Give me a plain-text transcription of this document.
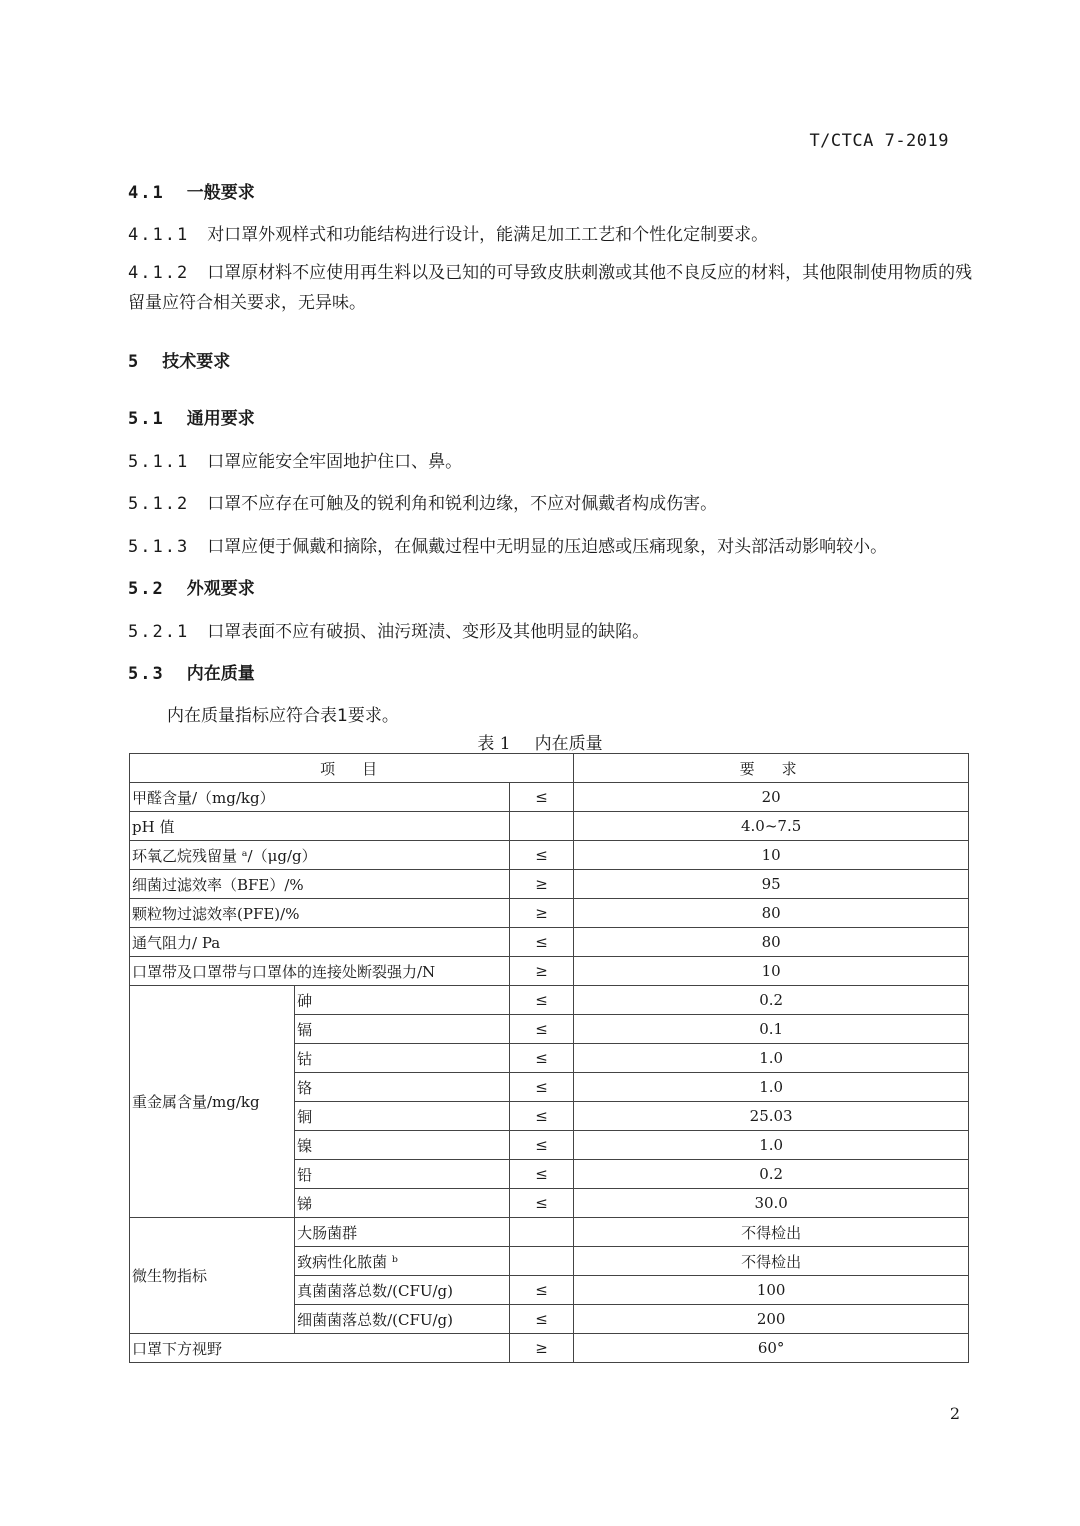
T/CTCA 7-2019
4.1 一般要求
4.1.1 对口罩外观样式和功能结构进行设计，能满足加工工艺和个性化定制要求。
4.1.2 口罩原材料不应使用再生料以及已知的可导致皮肤刺激或其他不良反应的材料，其他限制使用物质的残留量应符合相关要求，无异味。
5 技术要求
5.1 通用要求
5.1.1 口罩应能安全牢固地护住口、鼻。
5.1.2 口罩不应存在可触及的锐利角和锐利边缘，不应对佩戴者构成伤害。
5.1.3 口罩应便于佩戴和摘除，在佩戴过程中无明显的压迫感或压痛现象，对头部活动影响较小。
5.2 外观要求
5.2.1 口罩表面不应有破损、油污斑渍、变形及其他明显的缺陷。
5.3 内在质量
内在质量指标应符合表1要求。
表 1 内在质量
项　目			要　求
甲醛含量/（mg/kg）		≤	20
pH 值			4.0~7.5
环氧乙烷残留量 ᵃ/（μg/g）		≤	10
细菌过滤效率（BFE）/%		≥	95
颗粒物过滤效率(PFE)/%		≥	80
通气阻力/ Pa		≤	80
口罩带及口罩带与口罩体的连接处断裂强力/N		≥	10
重金属含量/mg/kg	砷	≤	0.2
	镉	≤	0.1
	钴	≤	1.0
	铬	≤	1.0
	铜	≤	25.03
	镍	≤	1.0
	铅	≤	0.2
	锑	≤	30.0
微生物指标	大肠菌群		不得检出
	致病性化脓菌 ᵇ		不得检出
	真菌菌落总数/(CFU/g)	≤	100
	细菌菌落总数/(CFU/g)	≤	200
口罩下方视野		≥	60°
2
